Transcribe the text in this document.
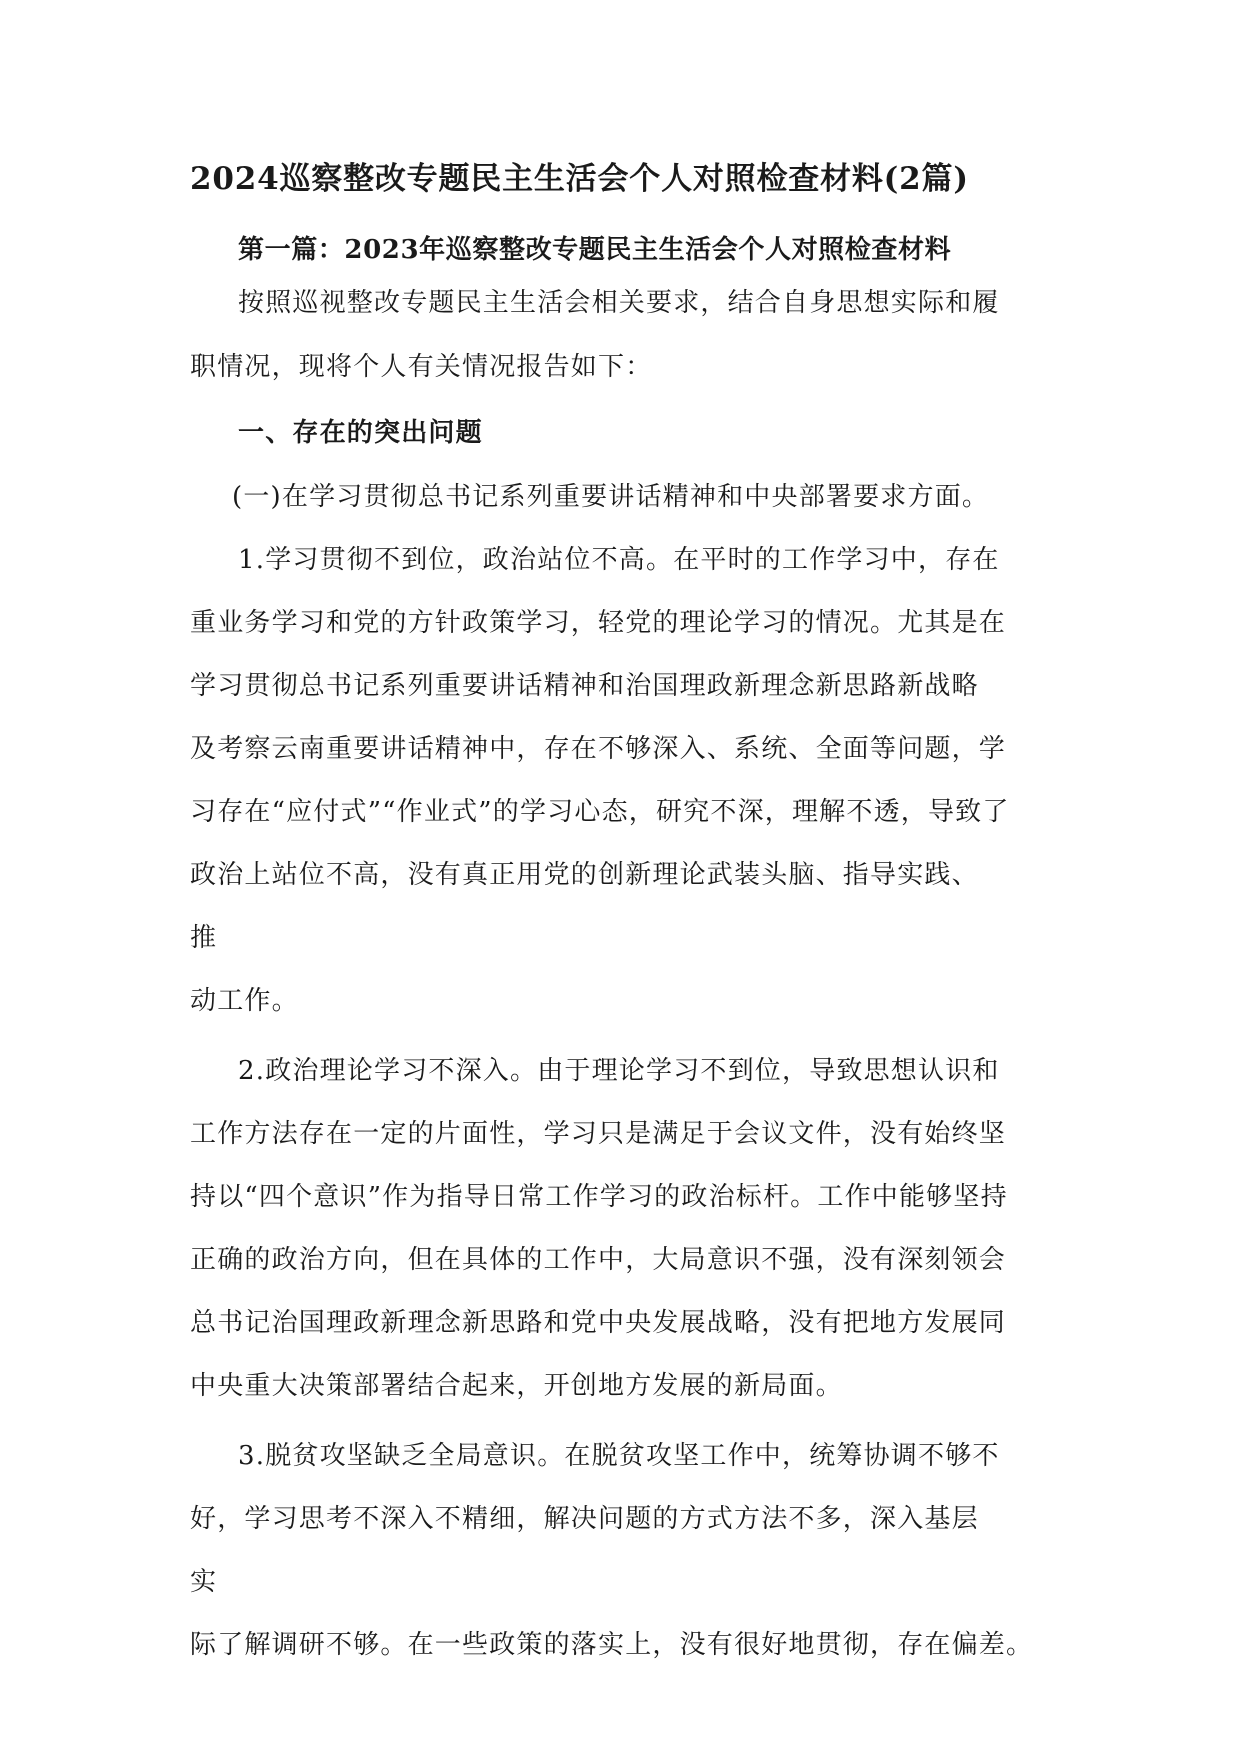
2024巡察整改专题民主生活会个人对照检查材料(2篇)
第一篇：2023年巡察整改专题民主生活会个人对照检查材料
按照巡视整改专题民主生活会相关要求，结合自身思想实际和履
职情况，现将个人有关情况报告如下：
一、存在的突出问题
(一)在学习贯彻总书记系列重要讲话精神和中央部署要求方面。
1.学习贯彻不到位，政治站位不高。在平时的工作学习中，存在
重业务学习和党的方针政策学习，轻党的理论学习的情况。尤其是在
学习贯彻总书记系列重要讲话精神和治国理政新理念新思路新战略
及考察云南重要讲话精神中，存在不够深入、系统、全面等问题，学
习存在“应付式”“作业式”的学习心态，研究不深，理解不透，导致了
政治上站位不高，没有真正用党的创新理论武装头脑、指导实践、
推
动工作。
2.政治理论学习不深入。由于理论学习不到位，导致思想认识和
工作方法存在一定的片面性，学习只是满足于会议文件，没有始终坚
持以“四个意识”作为指导日常工作学习的政治标杆。工作中能够坚持
正确的政治方向，但在具体的工作中，大局意识不强，没有深刻领会
总书记治国理政新理念新思路和党中央发展战略，没有把地方发展同
中央重大决策部署结合起来，开创地方发展的新局面。
3.脱贫攻坚缺乏全局意识。在脱贫攻坚工作中，统筹协调不够不
好，学习思考不深入不精细，解决问题的方式方法不多，深入基层
实
际了解调研不够。在一些政策的落实上，没有很好地贯彻，存在偏差。
